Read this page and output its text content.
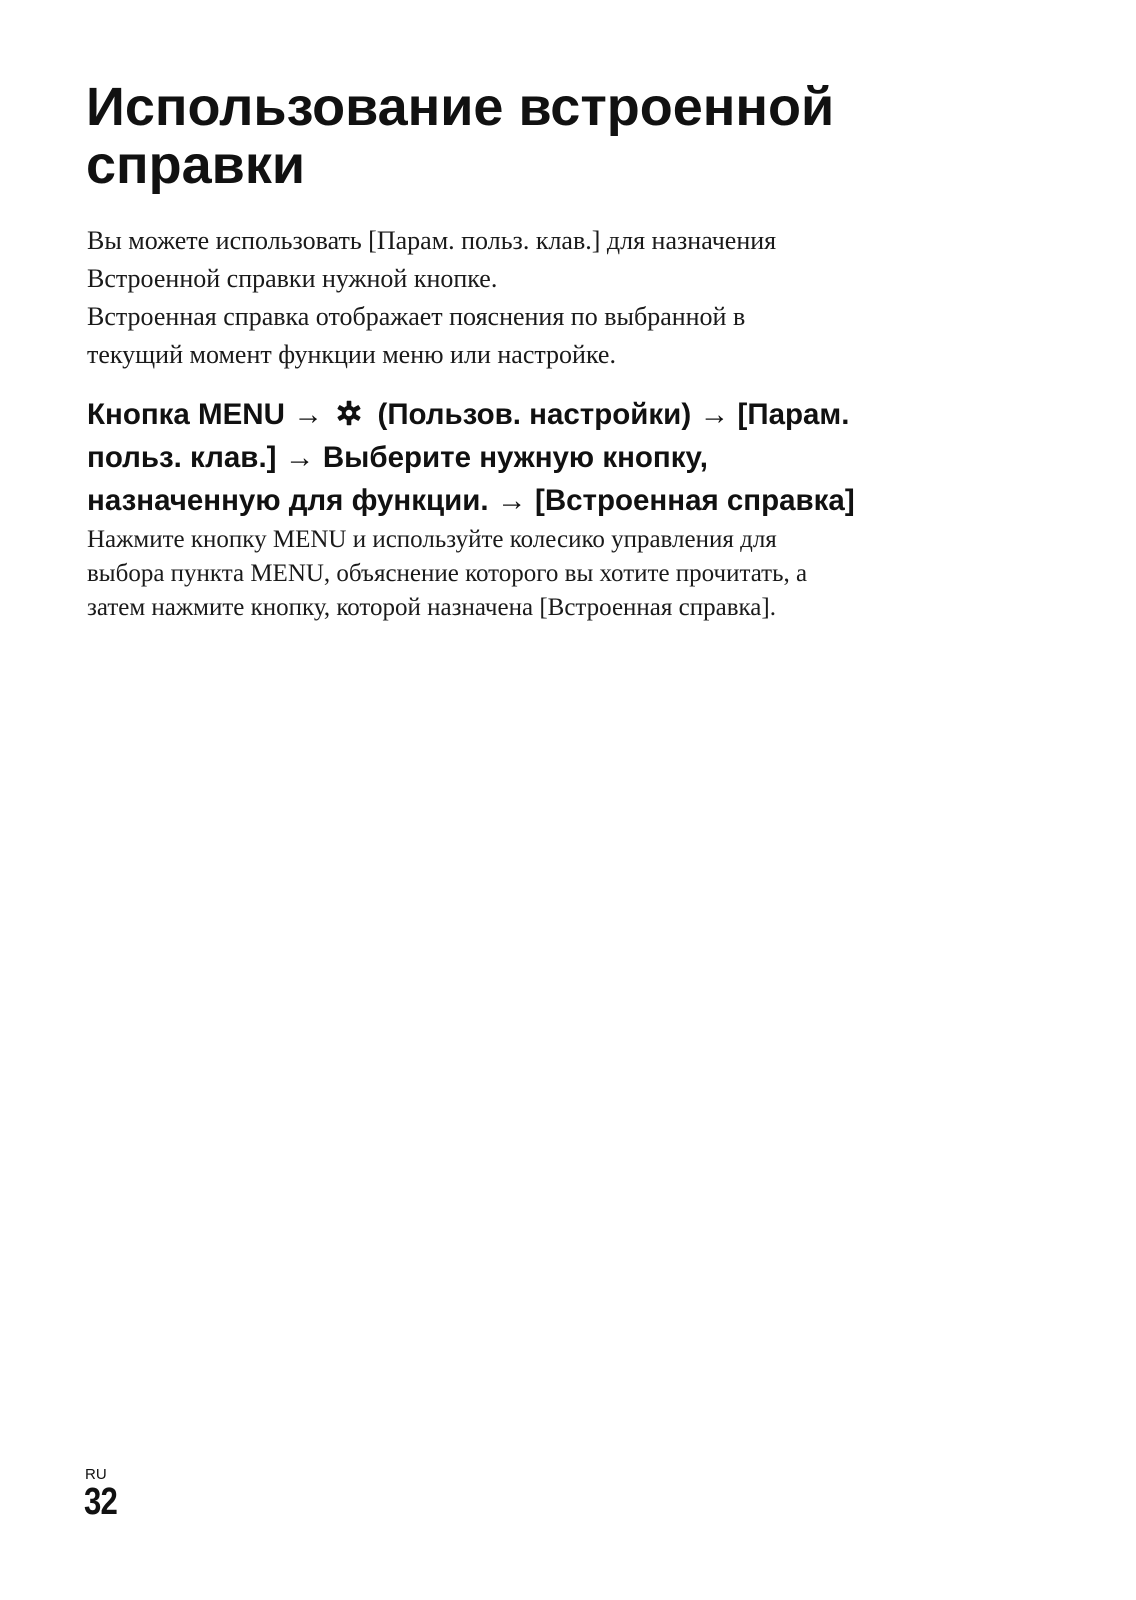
Использование встроенной
справки
Вы можете использовать [Парам. польз. клав.] для назначения
Встроенной справки нужной кнопке.
Встроенная справка отображает пояснения по выбранной в
текущий момент функции меню или настройке.
Кнопка MENU → (Пользов. настройки) → [Парам.
польз. клав.] → Выберите нужную кнопку,
назначенную для функции. → [Встроенная справка]
Нажмите кнопку MENU и используйте колесико управления для
выбора пункта MENU, объяснение которого вы хотите прочитать, а
затем нажмите кнопку, которой назначена [Встроенная справка].
RU
32
